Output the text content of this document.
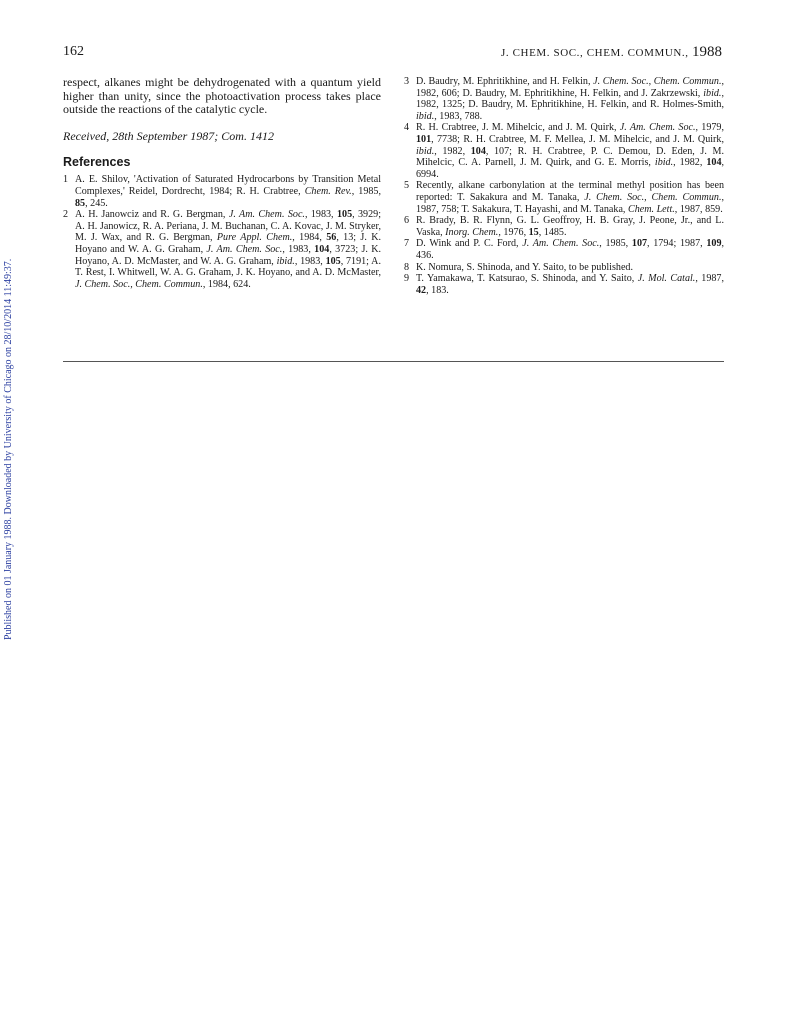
Published on 01 January 1988. Downloaded by University of Chicago on 28/10/2014 11:49:37.
162	J. CHEM. SOC., CHEM. COMMUN., 1988

respect, alkanes might be dehydrogenated with a quantum yield higher than unity, since the photoactivation process takes place outside the reactions of the catalytic cycle.

Received, 28th September 1987; Com. 1412

References
1 A. E. Shilov, 'Activation of Saturated Hydrocarbons by Transition Metal Complexes,' Reidel, Dordrecht, 1984; R. H. Crabtree, Chem. Rev., 1985, 85, 245.
2 A. H. Janowciz and R. G. Bergman, J. Am. Chem. Soc., 1983, 105, 3929; A. H. Janowicz, R. A. Periana, J. M. Buchanan, C. A. Kovac, J. M. Stryker, M. J. Wax, and R. G. Bergman, Pure Appl. Chem., 1984, 56, 13; J. K. Hoyano and W. A. G. Graham, J. Am. Chem. Soc., 1983, 104, 3723; J. K. Hoyano, A. D. McMaster, and W. A. G. Graham, ibid., 1983, 105, 7191; A. T. Rest, I. Whitwell, W. A. G. Graham, J. K. Hoyano, and A. D. McMaster, J. Chem. Soc., Chem. Commun., 1984, 624.
3 D. Baudry, M. Ephritikhine, and H. Felkin, J. Chem. Soc., Chem. Commun., 1982, 606; D. Baudry, M. Ephritikhine, H. Felkin, and J. Zakrzewski, ibid., 1982, 1325; D. Baudry, M. Ephritikhine, H. Felkin, and R. Holmes-Smith, ibid., 1983, 788.
4 R. H. Crabtree, J. M. Mihelcic, and J. M. Quirk, J. Am. Chem. Soc., 1979, 101, 7738; R. H. Crabtree, M. F. Mellea, J. M. Mihelcic, and J. M. Quirk, ibid., 1982, 104, 107; R. H. Crabtree, P. C. Demou, D. Eden, J. M. Mihelcic, C. A. Parnell, J. M. Quirk, and G. E. Morris, ibid., 1982, 104, 6994.
5 Recently, alkane carbonylation at the terminal methyl position has been reported: T. Sakakura and M. Tanaka, J. Chem. Soc., Chem. Commun., 1987, 758; T. Sakakura, T. Hayashi, and M. Tanaka, Chem. Lett., 1987, 859.
6 R. Brady, B. R. Flynn, G. L. Geoffroy, H. B. Gray, J. Peone, Jr., and L. Vaska, Inorg. Chem., 1976, 15, 1485.
7 D. Wink and P. C. Ford, J. Am. Chem. Soc., 1985, 107, 1794; 1987, 109, 436.
8 K. Nomura, S. Shinoda, and Y. Saito, to be published.
9 T. Yamakawa, T. Katsurao, S. Shinoda, and Y. Saito, J. Mol. Catal., 1987, 42, 183.
